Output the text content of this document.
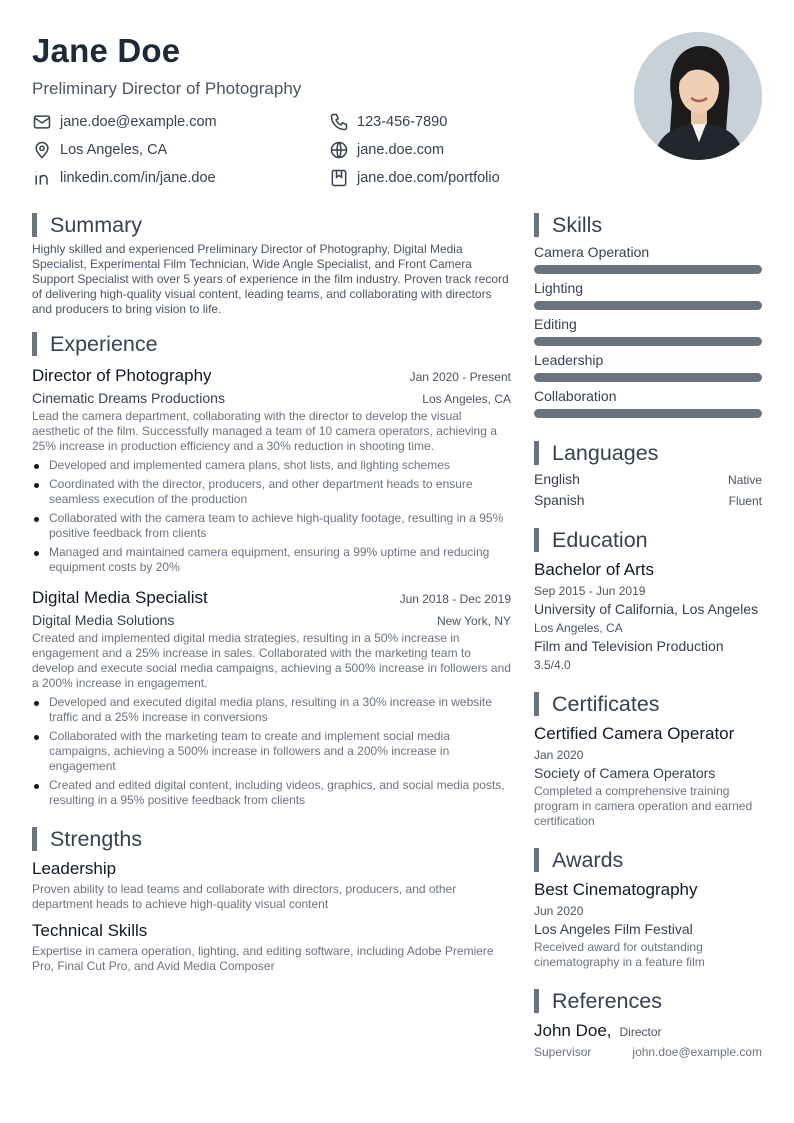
Jane Doe
Preliminary Director of Photography
jane.doe@example.com	123-456-7890
Los Angeles, CA	jane.doe.com
linkedin.com/in/jane.doe	jane.doe.com/portfolio
Summary

Highly skilled and experienced Preliminary Director of Photography, Digital Media Specialist, Experimental Film Technician, Wide Angle Specialist, and Front Camera Support Specialist with over 5 years of experience in the film industry. Proven track record of delivering high-quality visual content, leading teams, and collaborating with directors and producers to bring vision to life.

Experience
Director of Photography	Jan 2020 - Present
Cinematic Dreams Productions	Los Angeles, CA

Lead the camera department, collaborating with the director to develop the visual aesthetic of the film. Successfully managed a team of 10 camera operators, achieving a 25% increase in production efficiency and a 30% reduction in shooting time.

Developed and implemented camera plans, shot lists, and lighting schemes
Coordinated with the director, producers, and other department heads to ensure seamless execution of the production
Collaborated with the camera team to achieve high-quality footage, resulting in a 95% positive feedback from clients
Managed and maintained camera equipment, ensuring a 99% uptime and reducing equipment costs by 20%
Digital Media Specialist	Jun 2018 - Dec 2019
Digital Media Solutions	New York, NY

Created and implemented digital media strategies, resulting in a 50% increase in engagement and a 25% increase in sales. Collaborated with the marketing team to develop and execute social media campaigns, achieving a 500% increase in followers and a 200% increase in engagement.

Developed and executed digital media plans, resulting in a 30% increase in website traffic and a 25% increase in conversions
Collaborated with the marketing team to create and implement social media campaigns, achieving a 500% increase in followers and a 200% increase in engagement
Created and edited digital content, including videos, graphics, and social media posts, resulting in a 95% positive feedback from clients
Strengths
Leadership

Proven ability to lead teams and collaborate with directors, producers, and other department heads to achieve high-quality visual content

Technical Skills

Expertise in camera operation, lighting, and editing software, including Adobe Premiere Pro, Final Cut Pro, and Avid Media Composer

Skills
Camera Operation
Lighting
Editing
Leadership
Collaboration
Languages
English	Native
Spanish	Fluent
Education
Bachelor of Arts
Sep 2015 - Jun 2019
University of California, Los Angeles
Los Angeles, CA
Film and Television Production
3.5/4.0
Certificates
Certified Camera Operator
Jan 2020
Society of Camera Operators

Completed a comprehensive training program in camera operation and earned certification

Awards
Best Cinematography
Jun 2020
Los Angeles Film Festival

Received award for outstanding cinematography in a feature film

References
John Doe, Director
Supervisor	john.doe@example.com
